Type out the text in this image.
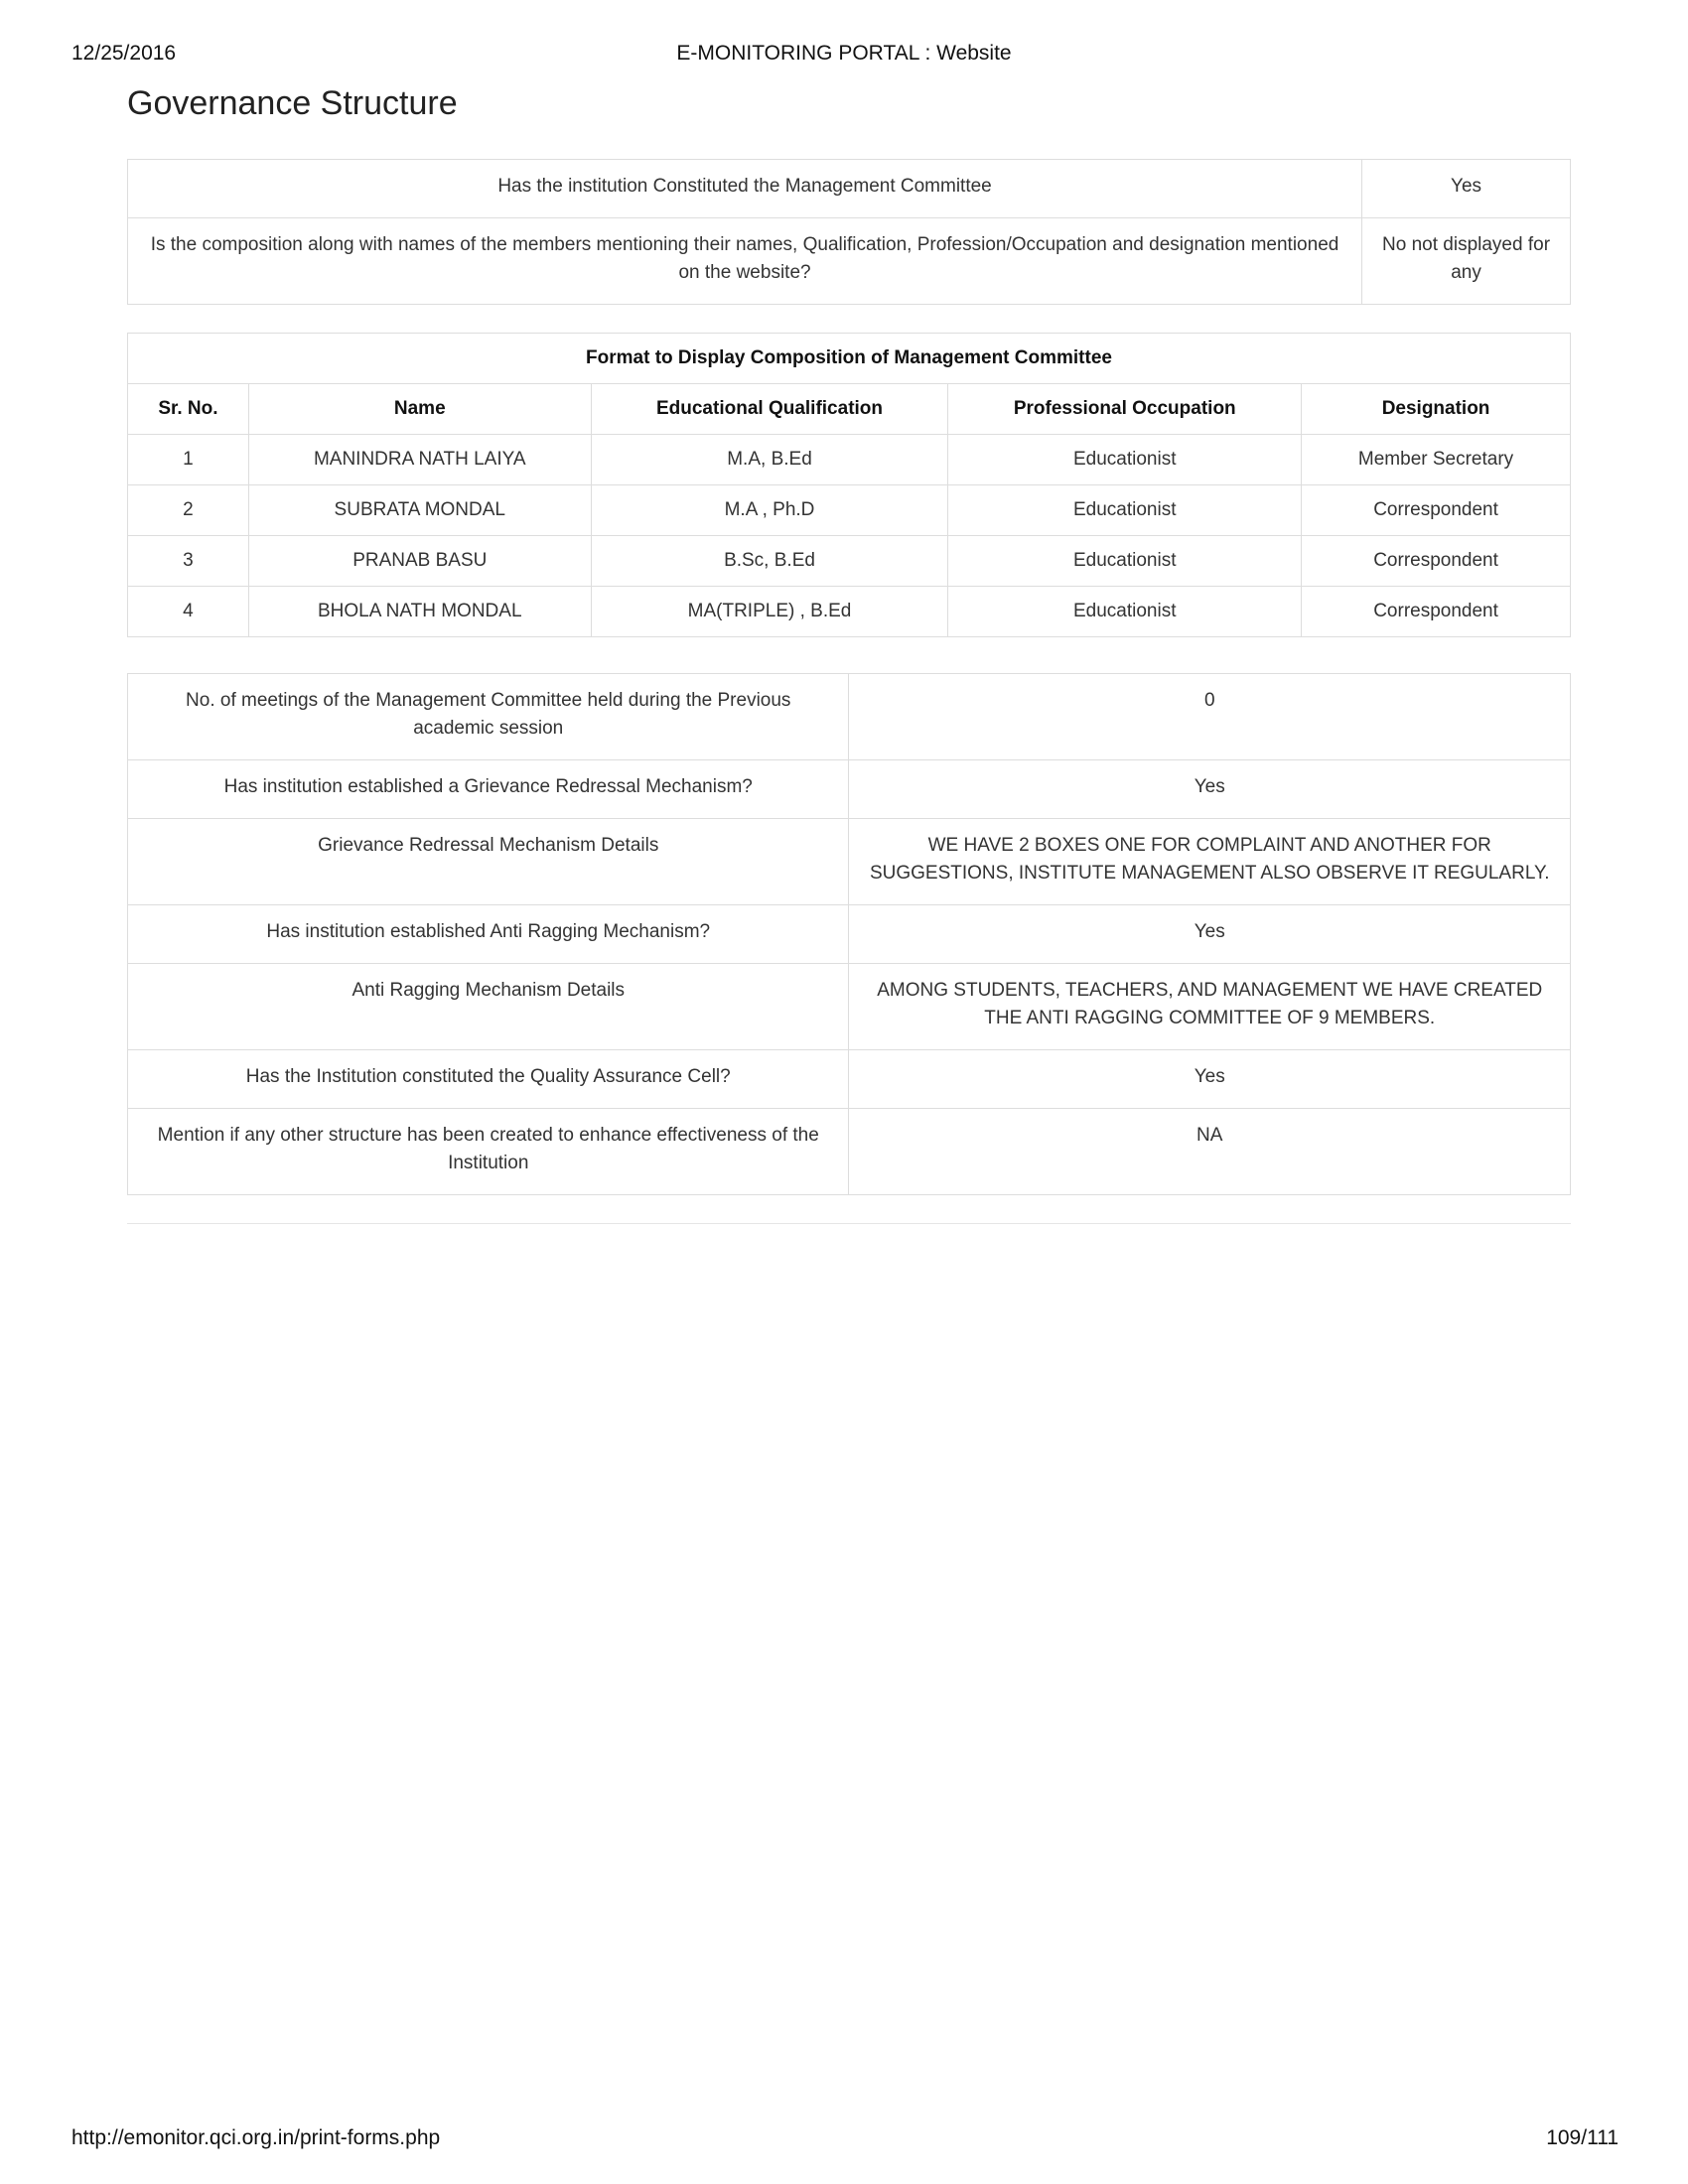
12/25/2016	E-MONITORING PORTAL : Website
Governance Structure
Has the institution Constituted the Management Committee	Yes
Is the composition along with names of the members mentioning their names, Qualification, Profession/Occupation and designation mentioned on the website?	No not displayed for any
Format to Display Composition of Management Committee				
Sr. No.	Name	Educational Qualification	Professional Occupation	Designation
1	MANINDRA NATH LAIYA	M.A, B.Ed	Educationist	Member Secretary
2	SUBRATA MONDAL	M.A , Ph.D	Educationist	Correspondent
3	PRANAB BASU	B.Sc, B.Ed	Educationist	Correspondent
4	BHOLA NATH MONDAL	MA(TRIPLE) , B.Ed	Educationist	Correspondent
No. of meetings of the Management Committee held during the Previous academic session	0
Has institution established a Grievance Redressal Mechanism?	Yes
Grievance Redressal Mechanism Details	WE HAVE 2 BOXES ONE FOR COMPLAINT AND ANOTHER FOR SUGGESTIONS, INSTITUTE MANAGEMENT ALSO OBSERVE IT REGULARLY.
Has institution established Anti Ragging Mechanism?	Yes
Anti Ragging Mechanism Details	AMONG STUDENTS, TEACHERS, AND MANAGEMENT WE HAVE CREATED THE ANTI RAGGING COMMITTEE OF 9 MEMBERS.
Has the Institution constituted the Quality Assurance Cell?	Yes
Mention if any other structure has been created to enhance effectiveness of the Institution	NA
http://emonitor.qci.org.in/print-forms.php	109/111
